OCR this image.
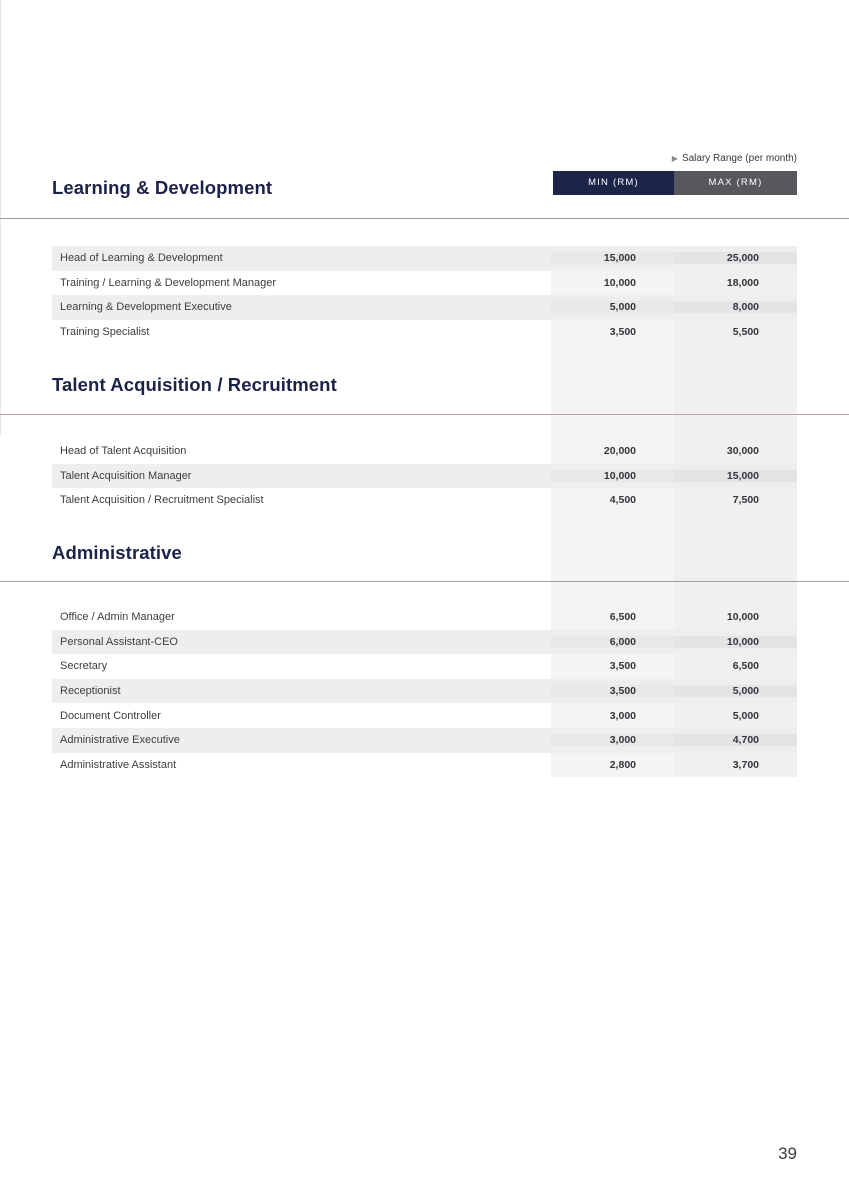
▶ Salary Range (per month)
MIN (RM)	MAX (RM)
Learning & Development
Head of Learning & Development	15,000	25,000
Training / Learning & Development Manager	10,000	18,000
Learning & Development Executive	5,000	8,000
Training Specialist	3,500	5,500
Talent Acquisition / Recruitment
Head of Talent Acquisition	20,000	30,000
Talent Acquisition Manager	10,000	15,000
Talent Acquisition / Recruitment Specialist	4,500	7,500
Administrative
Office / Admin Manager	6,500	10,000
Personal Assistant-CEO	6,000	10,000
Secretary	3,500	6,500
Receptionist	3,500	5,000
Document Controller	3,000	5,000
Administrative Executive	3,000	4,700
Administrative Assistant	2,800	3,700
39
